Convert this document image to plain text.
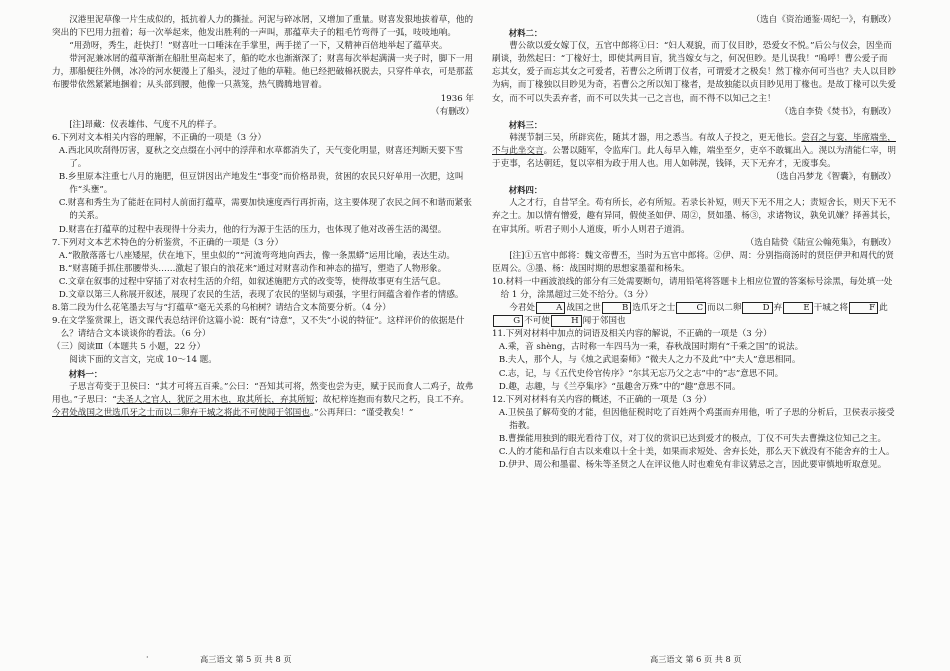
汉港里泥草像一片生成似的，抵抗着人力的撕扯。河泥与碎冰屑，又增加了重量。财喜发狠地拔着草，他的突出的下巴用力扭着；每一次举起来，他发出胜利的一声叫，那蕴草夫子的粗毛竹弯得了一弧，吱吱地响。

“用劲呀，秀生，赶快打！”财喜吐一口唾沫在手掌里，两手搓了一下，又精神百倍地举起了蕴草夹。

带河泥兼冰屑的蕴草渐渐在船肚里高起来了，船的吃水也渐渐深了；财喜每次举起满满一夹子时，脚下一用力，那船便往外侧，冰冷的河水便漫上了船头，浸过了他的草鞋。他已经把破棉袄脱去，只穿件单衣，可是那蓝布腰带依然紧紧地捆着；从头部到腰，他像一只蒸笼，热气腾腾地冒着。

1936 年

（有删改）

[注]昂藏：仪表雄伟、气度不凡的样子。

6.下列对文本相关内容的理解，不正确的一项是（3 分）

A.西北风吹刮得厉害，夏秋之交点缀在小河中的浮萍和水草都消失了，天气变化明显，财喜还判断天要下雪了。

B.乡里原本注重七八月的施肥，但豆饼因出产地发生“事变”而价格昂贵，贫困的农民只好单用一次肥，这叫作“头壅”。

C.财喜和秀生为了能赶在同村人前面打蕴草，需要加快速度西行再折南，这主要体现了农民之间不和谐而紧张的关系。

D.财喜在打蕴草的过程中表现得十分卖力，他的行为源于生活的压力，也体现了他对改善生活的渴望。

7.下列对文本艺术特色的分析鉴赏，不正确的一项是（3 分）

A.“散散落落七八座矮屋，伏在地下，里虫似的”“河流弯弯地向西去，像一条黑蟒”运用比喻，表达生动。

B.“财喜随手抓住那腰带头……激起了银白的浪花来”通过对财喜动作和神态的描写，塑造了人物形象。

C.文章在叙事的过程中穿插了对农村生活的介绍，如叙述施肥方式的改变等，使得故事更有生活气息。

D.文章以第三人称展开叙述，展现了农民的生活，表现了农民的坚韧与顽强，字里行间蕴含着作者的情感。

8.第二段为什么花笔墨去写与“打蕴草”毫无关系的乌桕树？请结合文本简要分析。（4 分）

9.在文学鉴赏课上，语文课代表总结评价这篇小说：既有“诗意”，又不失“小说的特征”。这样评价的依据是什么？请结合文本谈谈你的看法。（6 分）

（三）阅读Ⅲ（本题共 5 小题，22 分）

阅读下面的文言文，完成 10～14 题。

材料一：

子思言苟变于卫侯曰：“其才可将五百乘。”公曰：“吾知其可将，然变也尝为吏，赋于民而食人二鸡子，故弗用也。”子思曰：“夫圣人之官人，犹匠之用木也，取其所长，弃其所短；故杞梓连抱而有数尺之朽，良工不弃。今君处战国之世选爪牙之士而以二卵弃干城之将此不可使闻于邻国也。”公再拜曰：“谨受教矣！”

·	高三语文 第 5 页 共 8 页

（选自《资治通鉴·周纪一》，有删改）

材料二：

曹公欲以爱女嫁丁仪，五官中郎将①曰：“妇人观貌，而丁仪目眇，恐爱女不悦。”后公与仪会，因坐而刷谈，勃然起曰：“丁椽好士，即使其两目盲，犹当嫁女与之，何况但眇。是儿误我！”嗚呼！曹公爱子而忘其女，爱子而忘其女之可爱者，若曹公之所谓丁仪者，可谓爱才之极矣！然丁椽亦何可当也？夫人以目眇为病，而丁椽独以目眇见为奇，若曹公之所以知丁椽者，是故独能以贞目眇见用丁椽也。是故丁椽可以失爱女，而不可以失丢弃者，而不可以失其一己之言也，而不得不以知己之主！

（选自李贽《焚书》，有删改）

材料三：

韩滉节制三吴，所辟宾佐，随其才器，用之悉当。有故人子投之，更无他长。尝召之与宴，毕席端坐，不与此坐交言。公署以随军，令监库门。此人每早入帷，端坐至夕，吏卒不敢辄出入。滉以为清能仁宰，明于吏事，名达朝廷，复以宰相为政于用人也。用人如韩滉，钱铎，天下无弃才，无废事矣。

（选自冯梦龙《智囊》，有删改）

材料四：

人之才行，自昔罕全。苟有所长，必有所短。若录长补短，则天下无不用之人；责短舍长，则天下无不弃之士。加以情有憎爱，趣有异同，假使圣如伊、周②，贤如墨、杨③，求诸物议，孰免讥嫌？择善其长，在审其所。听君子则小人道废，听小人则君子道消。

（选自陆贽《陆宣公翰苑集》，有删改）

[注]①五官中郎将：魏文帝曹丕，当时为五官中郎将。②伊、周：分别指商汤时的贤臣伊尹和周代的贤臣周公。③墨、杨：战国时期的思想家墨翟和杨朱。

10.材料一中画波浪线的部分有三处需要断句，请用铅笔将答题卡上相应位置的答案标号涂黑，每处填一处给 1 分，涂黑超过三处不给分。（3 分）

今君处 A 战国之世 B 选爪牙之士 C 而以二卵 D 弃 E 干城之将 F 此G 不可使 H 闻于邻国也

11.下列对材料中加点的词语及相关内容的解说，不正确的一项是（3 分）

A.乘，音 shèng，古时称一车四马为一乘，春秋战国时期有“千乘之国”的说法。

B.夫人，那个人，与《烛之武退秦师》“微夫人之力不及此”中“夫人”意思相同。

C.志，记，与《五代史伶官传序》“尔其无忘乃父之志”中的“志”意思不同。

D.趣，志趣，与《兰亭集序》“虽趣舍万殊”中的“趣”意思不同。

12.下列对材料有关内容的概述，不正确的一项是（3 分）

A.卫侯虽了解苟变的才能，但因他征税时吃了百姓两个鸡蛋而弃用他，听了子思的分析后，卫侯表示接受指教。

B.曹操能用独到的眼光看待丁仪，对丁仪的赏识已达到爱才的极点，丁仪不可失去曹操这位知己之主。

C.人的才能和品行自古以来难以十全十美，如果而求短处、舍弃长处，那么天下就没有不能舍弃的士人。

D.伊尹、周公和墨翟、杨朱等圣贤之人在评议他人时也难免有非议猜忌之言，因此要审慎地听取意见。

高三语文 第 6 页 共 8 页
